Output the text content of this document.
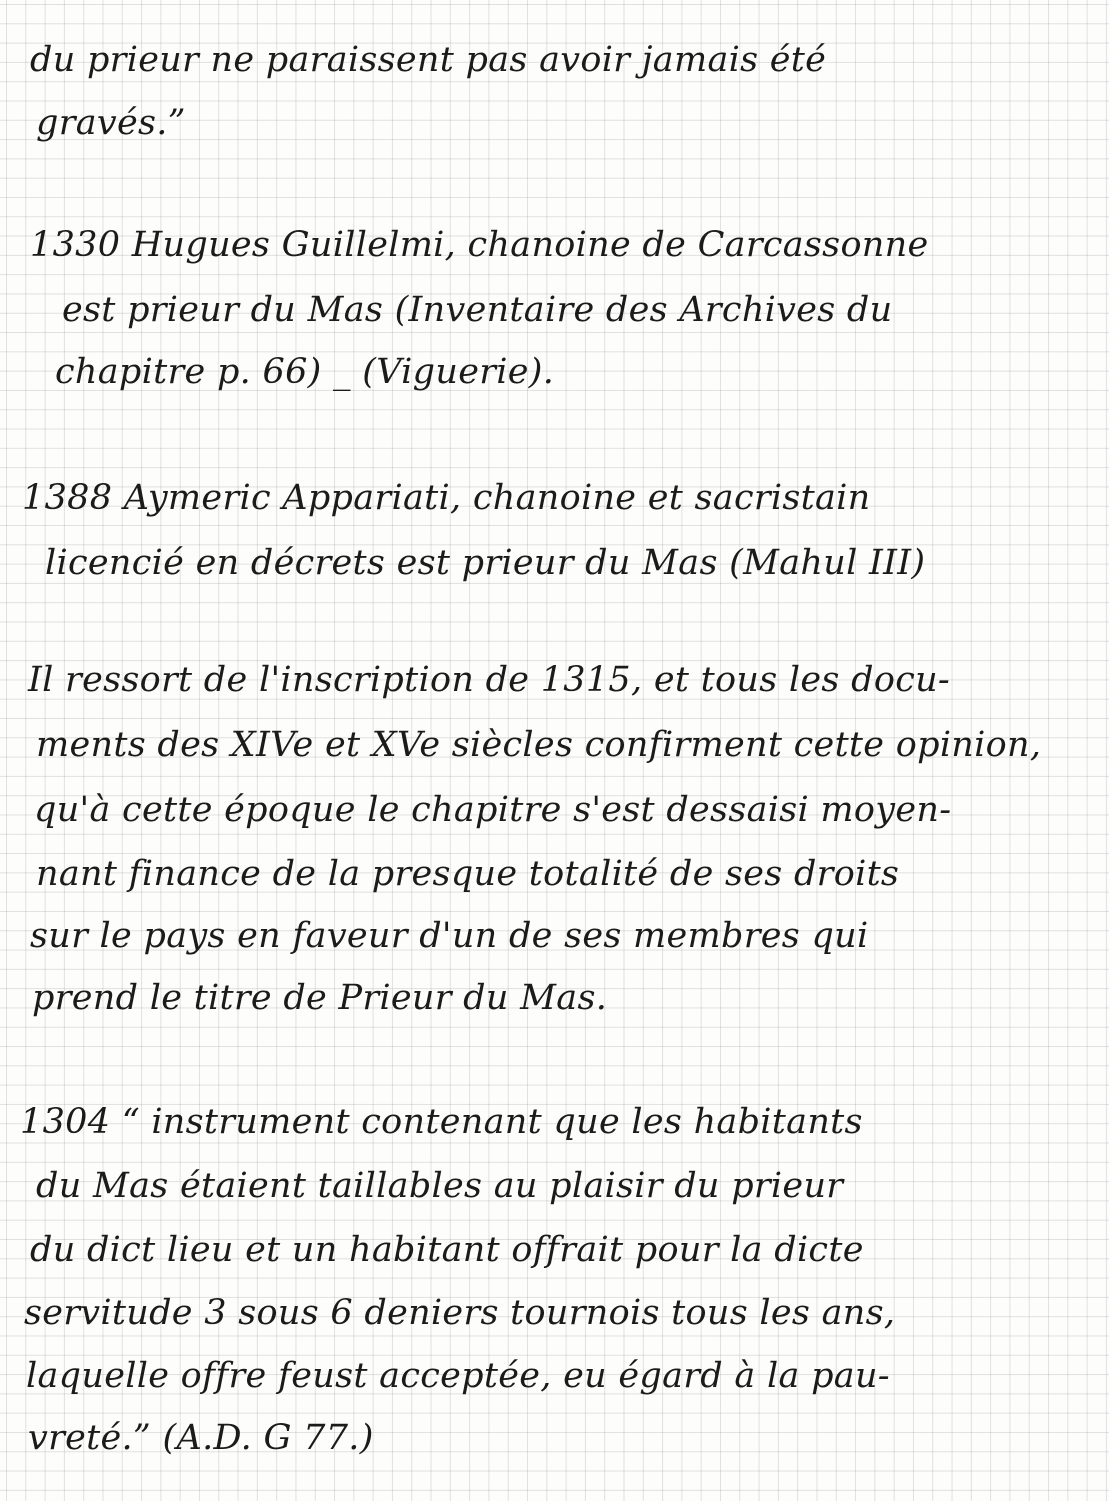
du prieur ne paraissent pas avoir jamais été
gravés.”
1330 Hugues Guillelmi, chanoine de Carcassonne
est prieur du Mas (Inventaire des Archives du
chapitre p. 66) _ (Viguerie).
1388 Aymeric Appariati, chanoine et sacristain
licencié en décrets est prieur du Mas (Mahul III)
Il ressort de l'inscription de 1315, et tous les docu-
ments des XIVe et XVe siècles confirment cette opinion,
qu'à cette époque le chapitre s'est dessaisi moyen-
nant finance de la presque totalité de ses droits
sur le pays en faveur d'un de ses membres qui
prend le titre de Prieur du Mas.
1304 “ instrument contenant que les habitants
du Mas étaient taillables au plaisir du prieur
du dict lieu et un habitant offrait pour la dicte
servitude 3 sous 6 deniers tournois tous les ans,
laquelle offre feust acceptée, eu égard à la pau-
vreté.” (A.D. G 77.)
